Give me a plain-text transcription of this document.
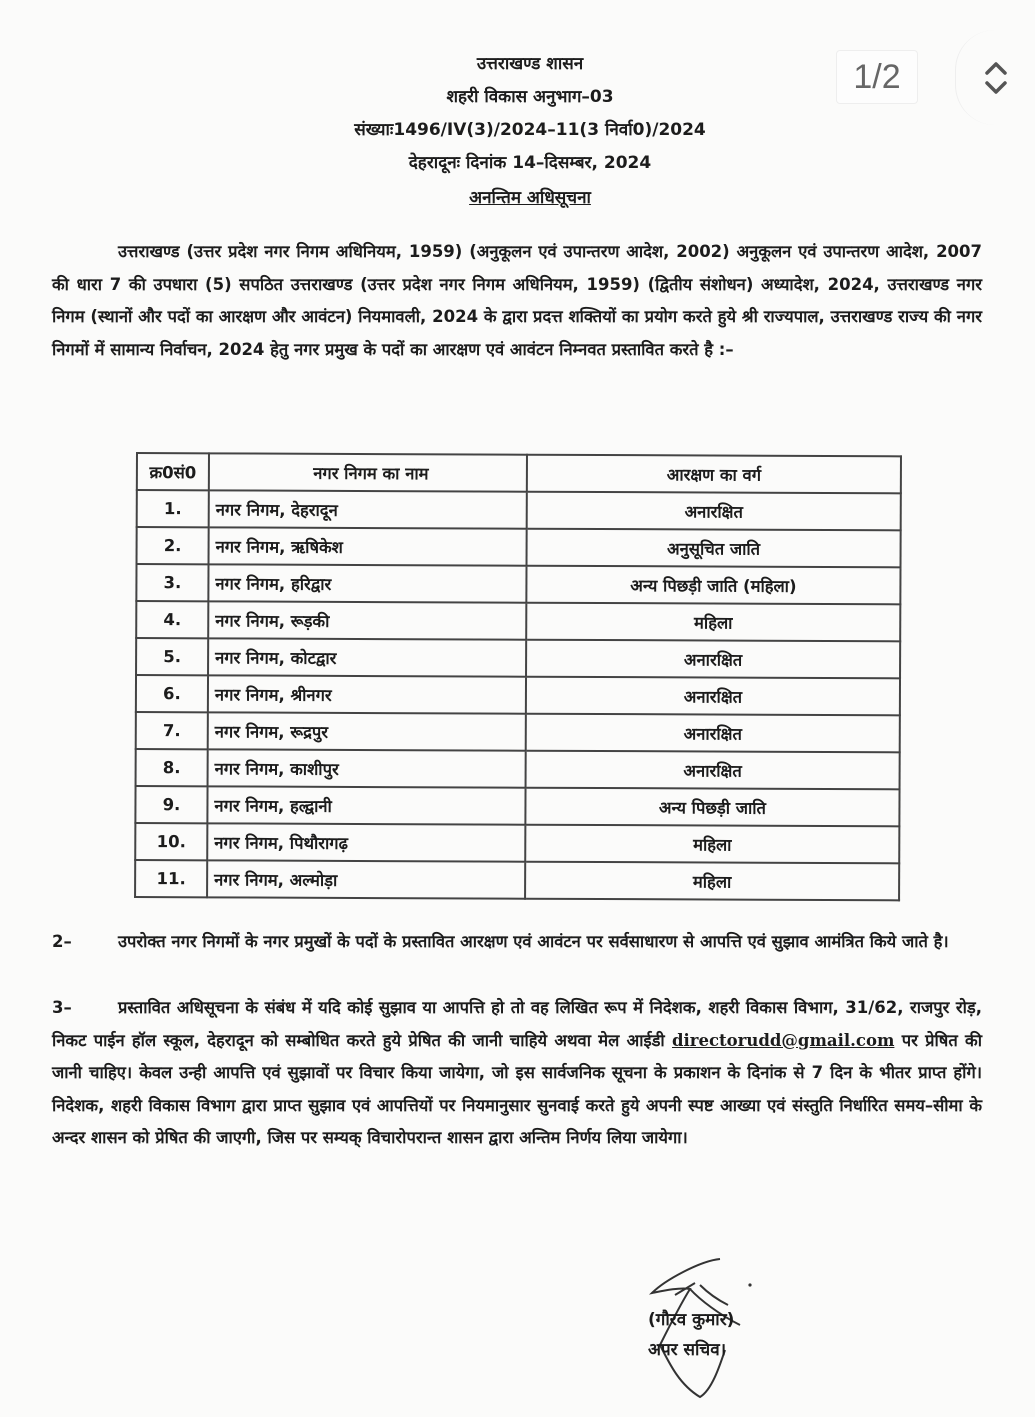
1/2
उत्तराखण्ड शासन
शहरी विकास अनुभाग–03
संख्याः1496/IV(3)/2024–11(3 निर्वा0)/2024
देहरादूनः दिनांक 14–दिसम्बर, 2024
अनन्तिम अधिसूचना
उत्तराखण्ड (उत्तर प्रदेश नगर निगम अधिनियम, 1959) (अनुकूलन एवं उपान्तरण आदेश, 2002) अनुकूलन एवं उपान्तरण आदेश, 2007 की धारा 7 की उपधारा (5) सपठित उत्तराखण्ड (उत्तर प्रदेश नगर निगम अधिनियम, 1959) (द्वितीय संशोधन) अध्यादेश, 2024, उत्तराखण्ड नगर निगम (स्थानों और पदों का आरक्षण और आवंटन) नियमावली, 2024 के द्वारा प्रदत्त शक्तियों का प्रयोग करते हुये श्री राज्यपाल, उत्तराखण्ड राज्य की नगर निगमों में सामान्य निर्वाचन, 2024 हेतु नगर प्रमुख के पदों का आरक्षण एवं आवंटन निम्नवत प्रस्तावित करते है :–
क्र0सं0	नगर निगम का नाम	आरक्षण का वर्ग
1.	नगर निगम, देहरादून	अनारक्षित
2.	नगर निगम, ऋषिकेश	अनुसूचित जाति
3.	नगर निगम, हरिद्वार	अन्य पिछड़ी जाति (महिला)
4.	नगर निगम, रूड़की	महिला
5.	नगर निगम, कोटद्वार	अनारक्षित
6.	नगर निगम, श्रीनगर	अनारक्षित
7.	नगर निगम, रूद्रपुर	अनारक्षित
8.	नगर निगम, काशीपुर	अनारक्षित
9.	नगर निगम, हल्द्वानी	अन्य पिछड़ी जाति
10.	नगर निगम, पिथौरागढ़	महिला
11.	नगर निगम, अल्मोड़ा	महिला
2–	उपरोक्त नगर निगमों के नगर प्रमुखों के पदों के प्रस्तावित आरक्षण एवं आवंटन पर सर्वसाधारण से आपत्ति एवं सुझाव आमंत्रित किये जाते है।
3–	प्रस्तावित अधिसूचना के संबंध में यदि कोई सुझाव या आपत्ति हो तो वह लिखित रूप में निदेशक, शहरी विकास विभाग, 31/62, राजपुर रोड़, निकट पाईन हॉल स्कूल, देहरादून को सम्बोधित करते हुये प्रेषित की जानी चाहिये अथवा मेल आईडी directorudd@gmail.com पर प्रेषित की जानी चाहिए। केवल उन्ही आपत्ति एवं सुझावों पर विचार किया जायेगा, जो इस सार्वजनिक सूचना के प्रकाशन के दिनांक से 7 दिन के भीतर प्राप्त होंगे। निदेशक, शहरी विकास विभाग द्वारा प्राप्त सुझाव एवं आपत्तियों पर नियमानुसार सुनवाई करते हुये अपनी स्पष्ट आख्या एवं संस्तुति निर्धारित समय–सीमा के अन्दर शासन को प्रेषित की जाएगी, जिस पर सम्यक् विचारोपरान्त शासन द्वारा अन्तिम निर्णय लिया जायेगा।
(गौरव कुमार)
अपर सचिव।
